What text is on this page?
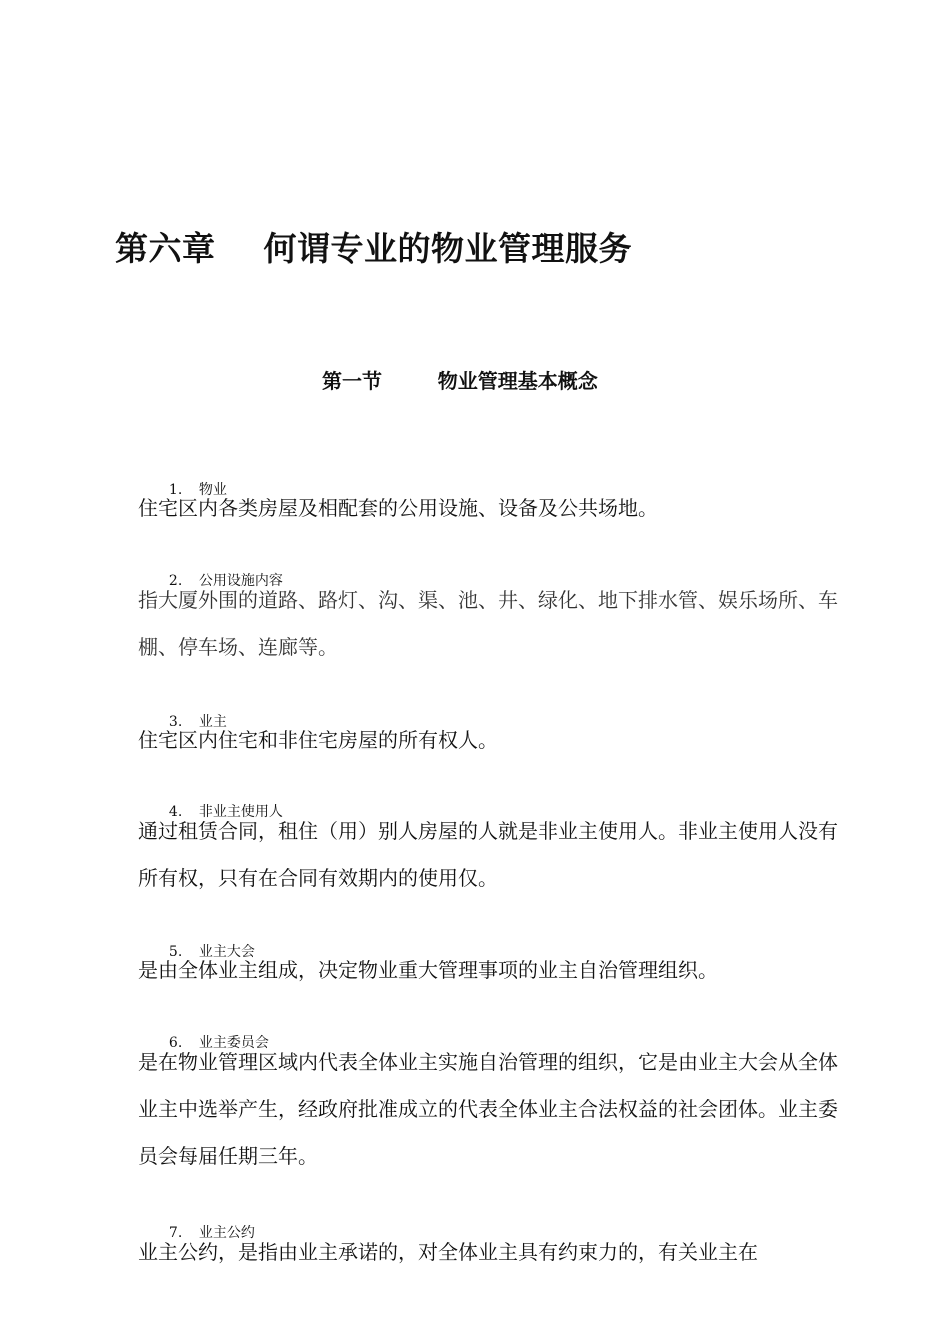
第六章    何谓专业的物业管理服务
第一节        物业管理基本概念

1. 物业

住宅区内各类房屋及相配套的公用设施、设备及公共场地。

2. 公用设施内容

指大厦外围的道路、路灯、沟、渠、池、井、绿化、地下排水管、娱乐场所、车棚、停车场、连廊等。

3. 业主

住宅区内住宅和非住宅房屋的所有权人。

4. 非业主使用人

通过租赁合同，租住（用）别人房屋的人就是非业主使用人。非业主使用人没有所有权，只有在合同有效期内的使用仅。

5. 业主大会

是由全体业主组成，决定物业重大管理事项的业主自治管理组织。

6. 业主委员会

是在物业管理区域内代表全体业主实施自治管理的组织，它是由业主大会从全体业主中选举产生，经政府批准成立的代表全体业主合法权益的社会团体。业主委员会每届任期三年。

7. 业主公约

业主公约，是指由业主承诺的，对全体业主具有约束力的，有关业主在
